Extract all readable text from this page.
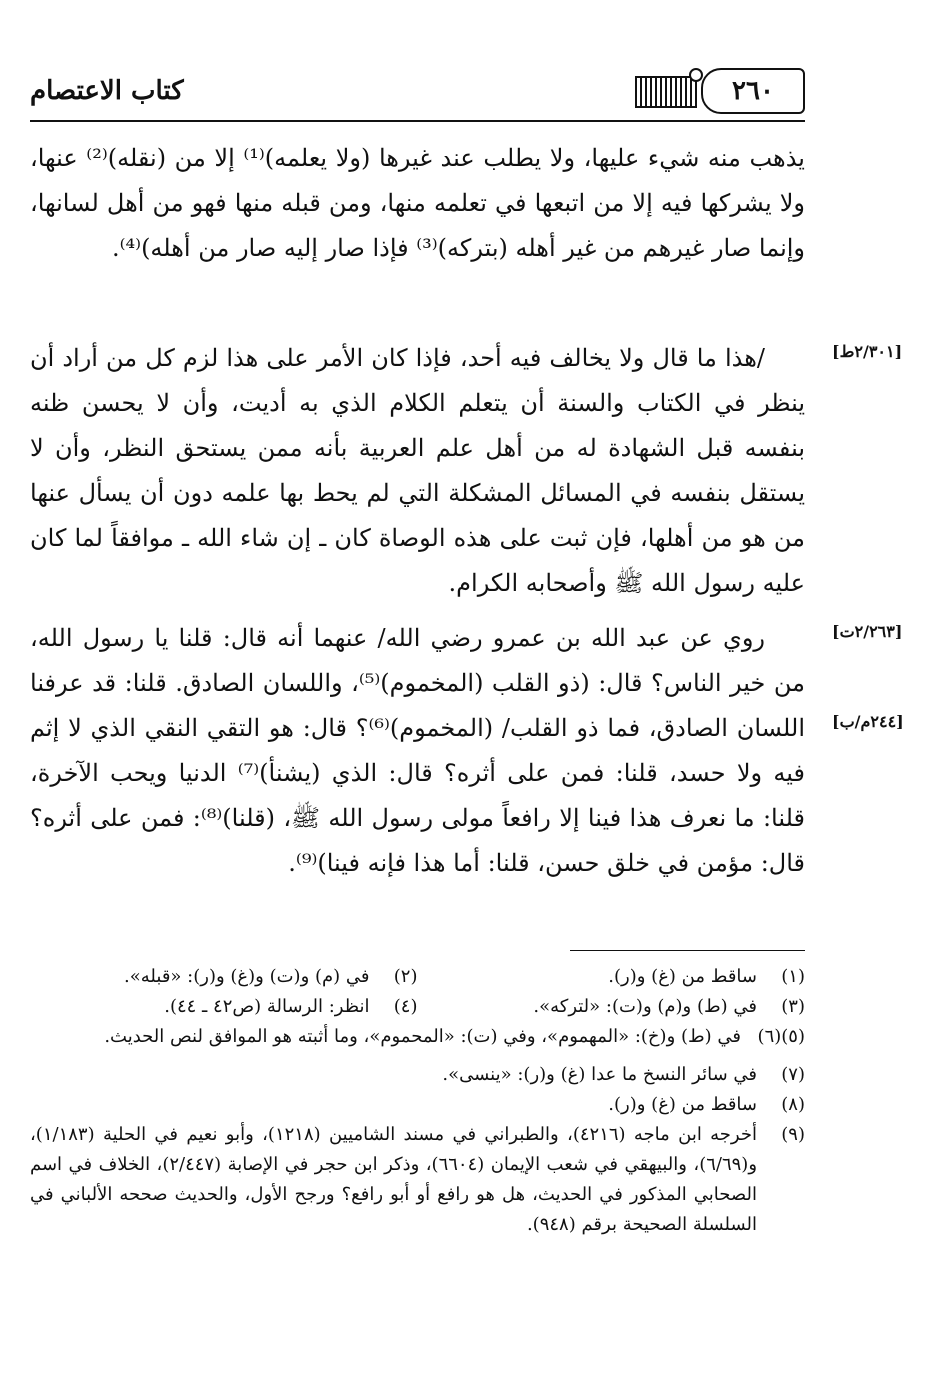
كتاب الاعتصام	٢٦٠

يذهب منه شيء عليها، ولا يطلب عند غيرها (ولا يعلمه)⁽¹⁾ إلا من (نقله)⁽²⁾ عنها، ولا يشركها فيه إلا من اتبعها في تعلمه منها، ومن قبله منها فهو من أهل لسانها، وإنما صار غيرهم من غير أهله (بتركه)⁽³⁾ فإذا صار إليه صار من أهله)⁽⁴⁾.

/هذا ما قال ولا يخالف فيه أحد، فإذا كان الأمر على هذا لزم كل من أراد أن ينظر في الكتاب والسنة أن يتعلم الكلام الذي به أديت، وأن لا يحسن ظنه بنفسه قبل الشهادة له من أهل علم العربية بأنه ممن يستحق النظر، وأن لا يستقل بنفسه في المسائل المشكلة التي لم يحط بها علمه دون أن يسأل عنها من هو من أهلها، فإن ثبت على هذه الوصاة كان ـ إن شاء الله ـ موافقاً لما كان عليه رسول الله ﷺ وأصحابه الكرام.

روي عن عبد الله بن عمرو رضي الله/ عنهما أنه قال: قلنا يا رسول الله، من خير الناس؟ قال: (ذو القلب (المخموم)⁽⁵⁾، واللسان الصادق. قلنا: قد عرفنا اللسان الصادق، فما ذو القلب/ (المخموم)⁽⁶⁾؟ قال: هو التقي النقي الذي لا إثم فيه ولا حسد، قلنا: فمن على أثره؟ قال: الذي (يشنأ)⁽⁷⁾ الدنيا ويحب الآخرة، قلنا: ما نعرف هذا فينا إلا رافعاً مولى رسول الله ﷺ، (قلنا)⁽⁸⁾: فمن على أثره؟ قال: مؤمن في خلق حسن، قلنا: أما هذا فإنه فينا)⁽⁹⁾.

[٢/٣٠١ط]
[٢/٢٦٣ت]
[٢٤٤م/ب]
(١)
ساقط من (غ) و(ر).
(٢)
في (م) و(ت) و(غ) و(ر): «قبله».
(٣)
في (ط) و(م) و(ت): «لتركه».
(٤)
انظر: الرسالة (ص٤٢ ـ ٤٤).
(٥)(٦)
في (ط) و(خ): «المهموم»، وفي (ت): «المحموم»، وما أثبته هو الموافق لنص الحديث.
(٧)
في سائر النسخ ما عدا (غ) و(ر): «ينسى».
(٨)
ساقط من (غ) و(ر).
(٩)
أخرجه ابن ماجه (٤٢١٦)، والطبراني في مسند الشاميين (١٢١٨)، وأبو نعيم في الحلية (١/١٨٣)، و(٦/٦٩)، والبيهقي في شعب الإيمان (٦٦٠٤)، وذكر ابن حجر في الإصابة (٢/٤٤٧)، الخلاف في اسم الصحابي المذكور في الحديث، هل هو رافع أو أبو رافع؟ ورجح الأول، والحديث صححه الألباني في السلسلة الصحيحة برقم (٩٤٨).
